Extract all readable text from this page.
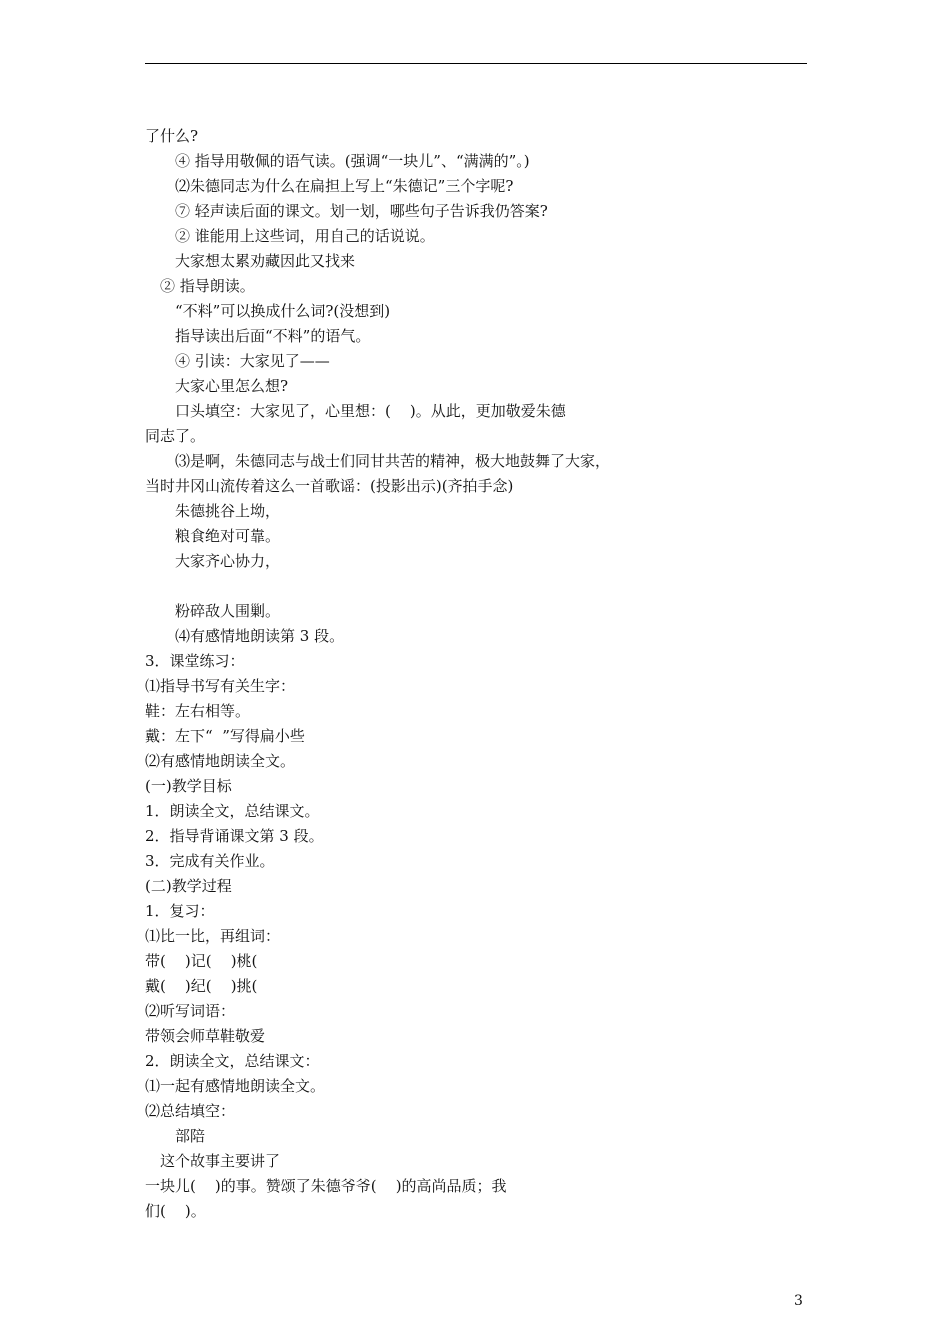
了什么?
④ 指导用敬佩的语气读。(强调“一块儿”、“满满的”。)
⑵朱德同志为什么在扁担上写上“朱德记”三个字呢?
⑦ 轻声读后面的课文。划一划，哪些句子告诉我仍答案?
② 谁能用上这些词，用自己的话说说。
大家想太累劝藏因此又找来
② 指导朗读。
“不料”可以换成什么词?(没想到)
指导读出后面“不料”的语气。
④ 引读：大家见了——
大家心里怎么想?
口头填空：大家见了，心里想：(    )。从此，更加敬爱朱德
同志了。
⑶是啊，朱德同志与战士们同甘共苦的精神，极大地鼓舞了大家，
当时井冈山流传着这么一首歌谣：(投影出示)(齐拍手念)
朱德挑谷上坳，
粮食绝对可靠。
大家齐心协力，
粉碎敌人围剿。
⑷有感情地朗读第 3 段。
3．课堂练习：
⑴指导书写有关生字：
鞋：左右相等。
戴：左下“  ”写得扁小些
⑵有感情地朗读全文。
(一)教学目标
1．朗读全文，总结课文。
2．指导背诵课文第 3 段。
3．完成有关作业。
(二)教学过程
1．复习：
⑴比一比，再组词：
带(    )记(    )桃(
戴(    )纪(    )挑(
⑵听写词语：
带领会师草鞋敬爱
2．朗读全文，总结课文：
⑴一起有感情地朗读全文。
⑵总结填空：
部陪
这个故事主要讲了
一块儿(    )的事。赞颂了朱德爷爷(    )的高尚品质；我
们(    )。
3
